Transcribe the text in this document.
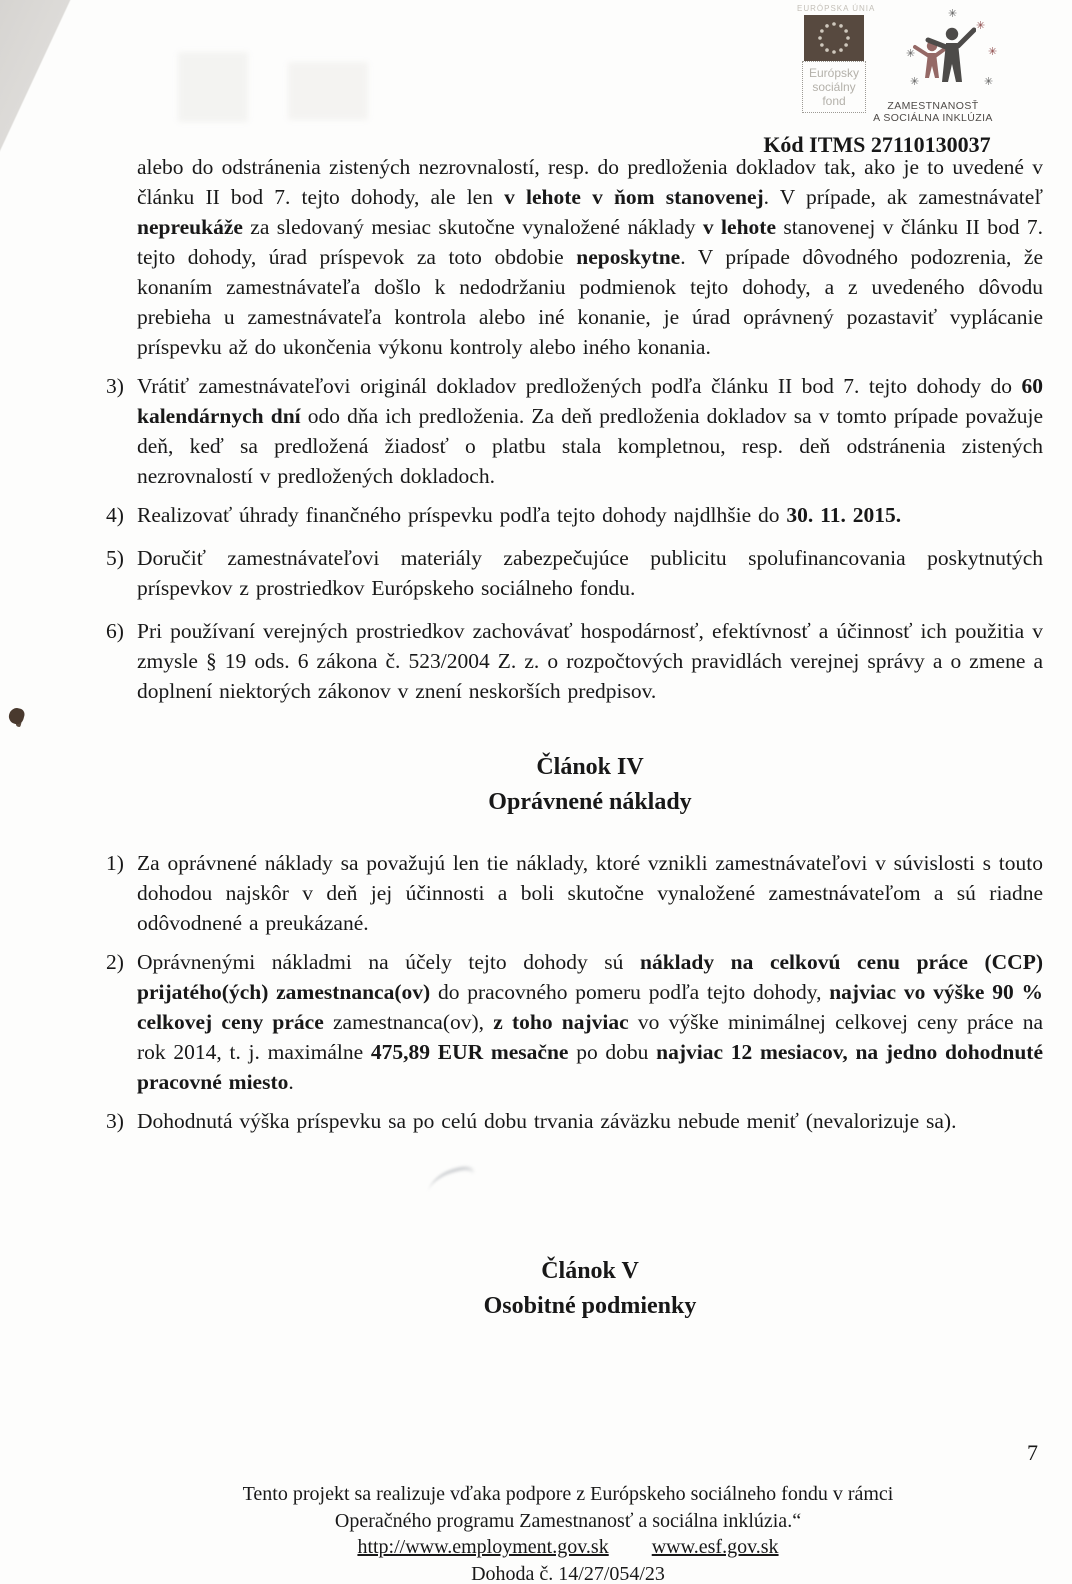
EURÓPSKA ÚNIA
Európsky
sociálny
fond
✳
✳
✳	✳
✳	✳
ZAMESTNANOSŤ
A SOCIÁLNA INKLÚZIA
Kód ITMS 27110130037
alebo do odstránenia zistených nezrovnalostí, resp. do predloženia dokladov tak, ako je to uvedené v článku II bod 7. tejto dohody, ale len v lehote v ňom stanovenej. V prípade, ak zamestnávateľ nepreukáže za sledovaný mesiac skutočne vynaložené náklady v lehote stanovenej v článku II bod 7. tejto dohody, úrad príspevok za toto obdobie neposkytne. V prípade dôvodného podozrenia, že konaním zamestnávateľa došlo k nedodržaniu podmienok tejto dohody, a z uvedeného dôvodu prebieha u zamestnávateľa kontrola alebo iné konanie, je úrad oprávnený pozastaviť vyplácanie príspevku až do ukončenia výkonu kontroly alebo iného konania.
3) Vrátiť zamestnávateľovi originál dokladov predložených podľa článku II bod 7. tejto dohody do 60 kalendárnych dní odo dňa ich predloženia. Za deň predloženia dokladov sa v tomto prípade považuje deň, keď sa predložená žiadosť o platbu stala kompletnou, resp. deň odstránenia zistených nezrovnalostí v predložených dokladoch.
4) Realizovať úhrady finančného príspevku podľa tejto dohody najdlhšie do 30. 11. 2015.
5) Doručiť zamestnávateľovi materiály zabezpečujúce publicitu spolufinancovania poskytnutých príspevkov z prostriedkov Európskeho sociálneho fondu.
6) Pri používaní verejných prostriedkov zachovávať hospodárnosť, efektívnosť a účinnosť ich použitia v zmysle § 19 ods. 6 zákona č. 523/2004 Z. z. o rozpočtových pravidlách verejnej správy a o zmene a doplnení niektorých zákonov v znení neskorších predpisov.
Článok IV
Oprávnené náklady
1) Za oprávnené náklady sa považujú len tie náklady, ktoré vznikli zamestnávateľovi v súvislosti s touto dohodou najskôr v deň jej účinnosti a boli skutočne vynaložené zamestnávateľom a sú riadne odôvodnené a preukázané.
2) Oprávnenými nákladmi na účely tejto dohody sú náklady na celkovú cenu práce (CCP) prijatého(ých) zamestnanca(ov) do pracovného pomeru podľa tejto dohody, najviac vo výške 90 % celkovej ceny práce zamestnanca(ov), z toho najviac vo výške minimálnej celkovej ceny práce na rok 2014, t. j. maximálne 475,89 EUR mesačne po dobu najviac 12 mesiacov, na jedno dohodnuté pracovné miesto.
3) Dohodnutá výška príspevku sa po celú dobu trvania záväzku nebude meniť (nevalorizuje sa).
Článok V
Osobitné podmienky
7
Tento projekt sa realizuje vďaka podpore z Európskeho sociálneho fondu v rámci
Operačného programu Zamestnanosť a sociálna inklúzia.“
http://www.employment.gov.sk www.esf.gov.sk
Dohoda č. 14/27/054/23
